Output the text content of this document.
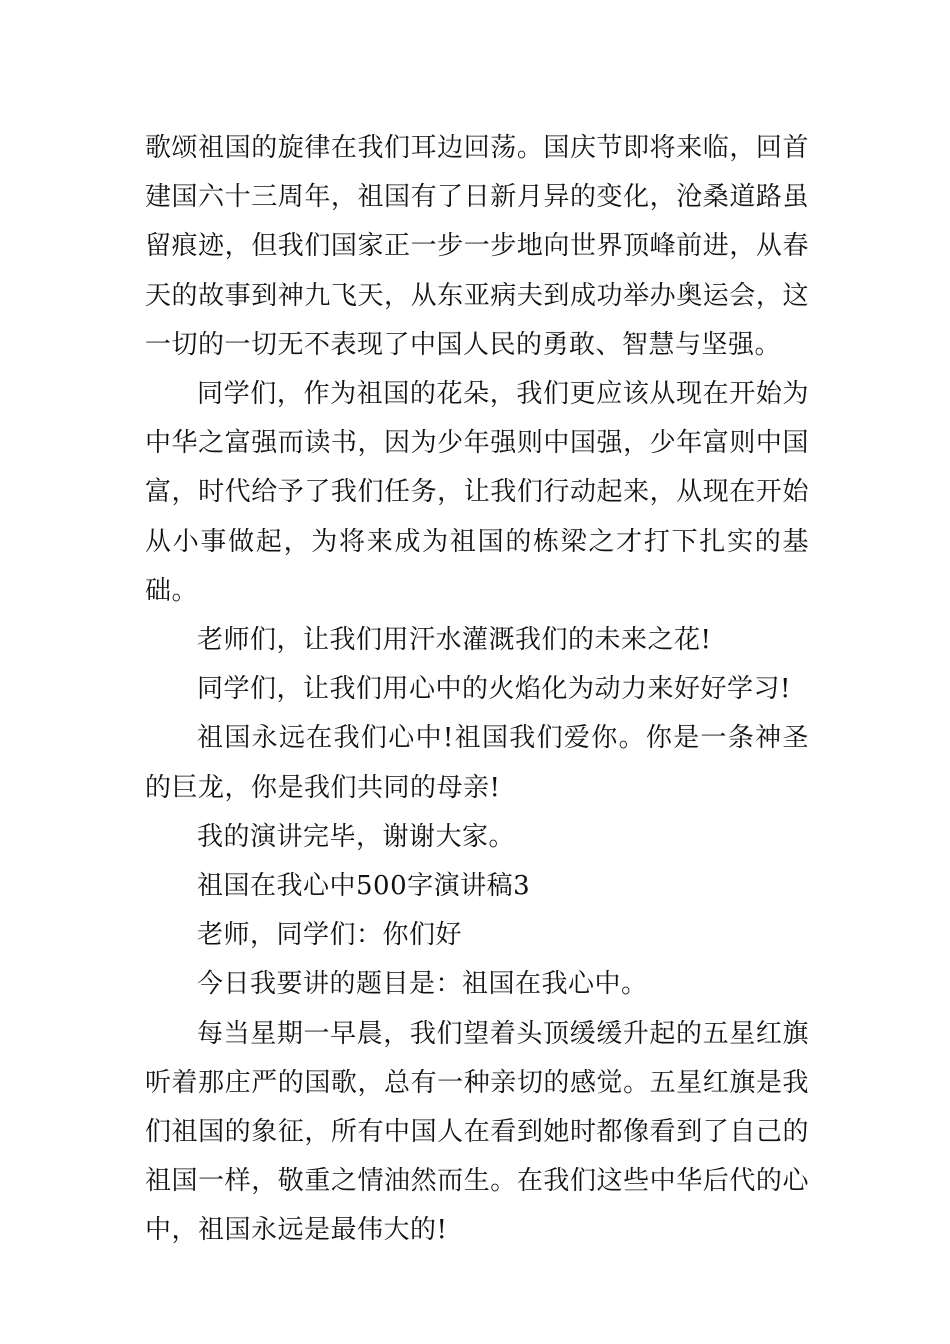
歌颂祖国的旋律在我们耳边回荡。国庆节即将来临，回首建国六十三周年，祖国有了日新月异的变化，沧桑道路虽留痕迹，但我们国家正一步一步地向世界顶峰前进，从春天的故事到神九飞天，从东亚病夫到成功举办奥运会，这一切的一切无不表现了中国人民的勇敢、智慧与坚强。

同学们，作为祖国的花朵，我们更应该从现在开始为中华之富强而读书，因为少年强则中国强，少年富则中国富，时代给予了我们任务，让我们行动起来，从现在开始从小事做起，为将来成为祖国的栋梁之才打下扎实的基础。

老师们，让我们用汗水灌溉我们的未来之花!

同学们，让我们用心中的火焰化为动力来好好学习!

祖国永远在我们心中!祖国我们爱你。你是一条神圣的巨龙，你是我们共同的母亲!

我的演讲完毕，谢谢大家。

祖国在我心中500字演讲稿3

老师，同学们：你们好

今日我要讲的题目是：祖国在我心中。

每当星期一早晨，我们望着头顶缓缓升起的五星红旗听着那庄严的国歌，总有一种亲切的感觉。五星红旗是我们祖国的象征，所有中国人在看到她时都像看到了自己的祖国一样，敬重之情油然而生。在我们这些中华后代的心中，祖国永远是最伟大的!
